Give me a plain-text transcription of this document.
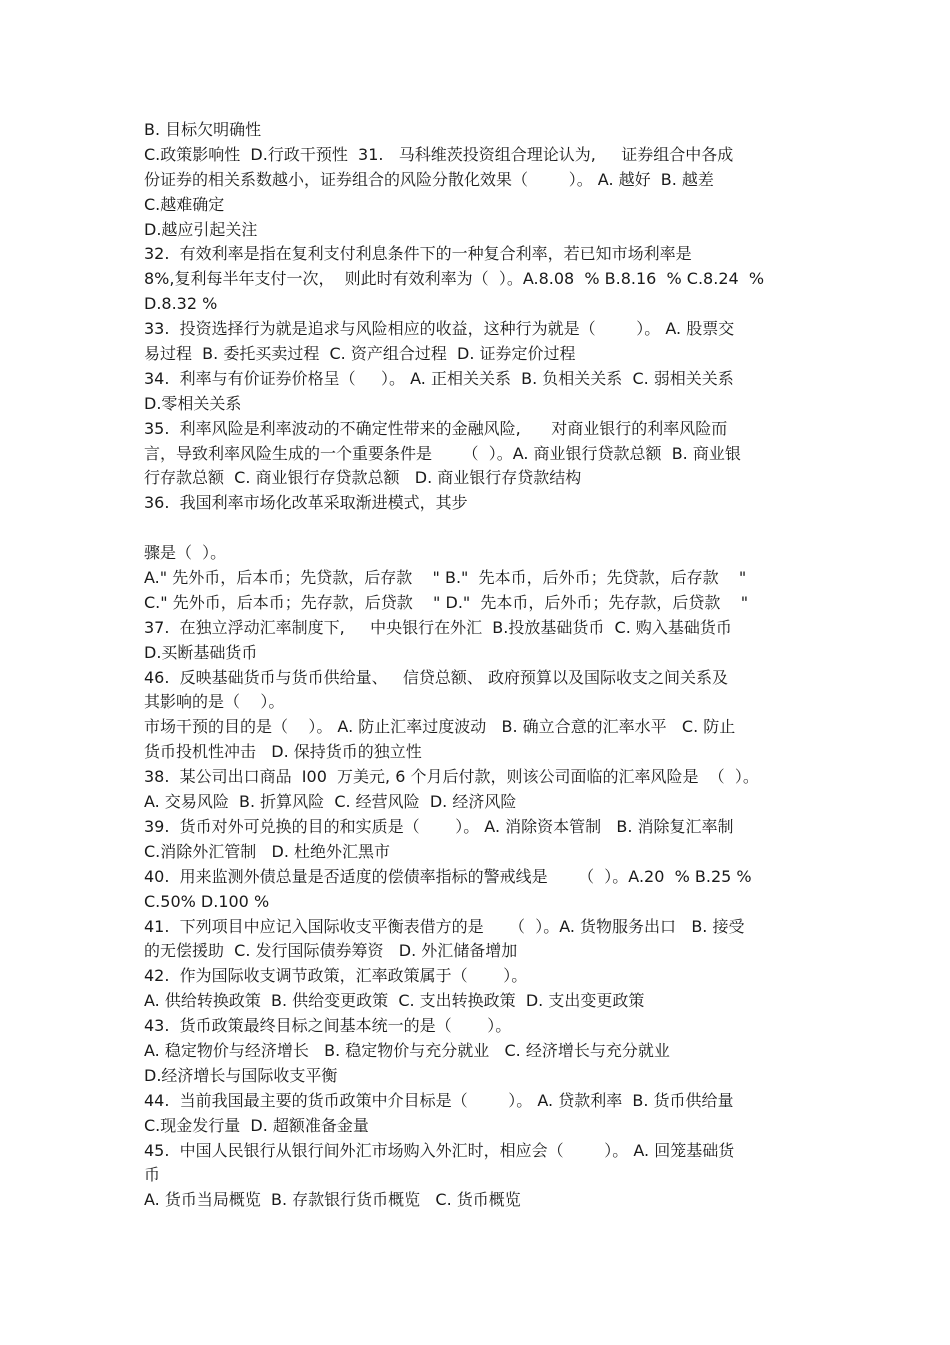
B. 目标欠明确性
C.政策影响性  D.行政干预性  31.   马科维茨投资组合理论认为,     证券组合中各成
份证券的相关系数越小，证券组合的风险分散化效果（        ）。 A. 越好  B. 越差
C.越难确定
D.越应引起关注
32.  有效利率是指在复利支付利息条件下的一种复合利率，若已知市场利率是
8%,复利每半年支付一次，  则此时有效利率为（  ）。A.8.08  % B.8.16  % C.8.24  %
D.8.32 %
33.  投资选择行为就是追求与风险相应的收益，这种行为就是（        ）。 A. 股票交
易过程  B. 委托买卖过程  C. 资产组合过程  D. 证券定价过程
34.  利率与有价证券价格呈（     ）。 A. 正相关关系  B. 负相关关系  C. 弱相关关系
D.零相关关系
35.  利率风险是利率波动的不确定性带来的金融风险,      对商业银行的利率风险而
言，导致利率风险生成的一个重要条件是      （  ）。A. 商业银行贷款总额  B. 商业银
行存款总额  C. 商业银行存贷款总额   D. 商业银行存贷款结构
36.  我国利率市场化改革采取渐进模式，其步
骤是（  ）。
A." 先外币，后本币；先贷款，后存款    " B."  先本币，后外币；先贷款，后存款    "
C." 先外币，后本币；先存款，后贷款    " D."  先本币，后外币；先存款，后贷款    "
37.  在独立浮动汇率制度下,     中央银行在外汇  B.投放基础货币  C. 购入基础货币
D.买断基础货币
46.  反映基础货币与货币供给量、   信贷总额、 政府预算以及国际收支之间关系及
其影响的是（    ）。
市场干预的目的是（    ）。 A. 防止汇率过度波动   B. 确立合意的汇率水平   C. 防止
货币投机性冲击   D. 保持货币的独立性
38.  某公司出口商品  I00  万美元, 6 个月后付款，则该公司面临的汇率风险是  （  ）。
A. 交易风险  B. 折算风险  C. 经营风险  D. 经济风险
39.  货币对外可兑换的目的和实质是（       ）。 A. 消除资本管制   B. 消除复汇率制
C.消除外汇管制   D. 杜绝外汇黑市
40.  用来监测外债总量是否适度的偿债率指标的警戒线是      （  ）。A.20  % B.25 %
C.50% D.100 %
41.  下列项目中应记入国际收支平衡表借方的是     （  ）。A. 货物服务出口   B. 接受
的无偿援助  C. 发行国际债券筹资   D. 外汇储备增加
42.  作为国际收支调节政策，汇率政策属于（       ）。
A. 供给转换政策  B. 供给变更政策  C. 支出转换政策  D. 支出变更政策
43.  货币政策最终目标之间基本统一的是（       ）。
A. 稳定物价与经济增长   B. 稳定物价与充分就业   C. 经济增长与充分就业
D.经济增长与国际收支平衡
44.  当前我国最主要的货币政策中介目标是（        ）。 A. 贷款利率  B. 货币供给量
C.现金发行量  D. 超额准备金量
45.  中国人民银行从银行间外汇市场购入外汇时，相应会（        ）。 A. 回笼基础货
币
A. 货币当局概览  B. 存款银行货币概览   C. 货币概览
